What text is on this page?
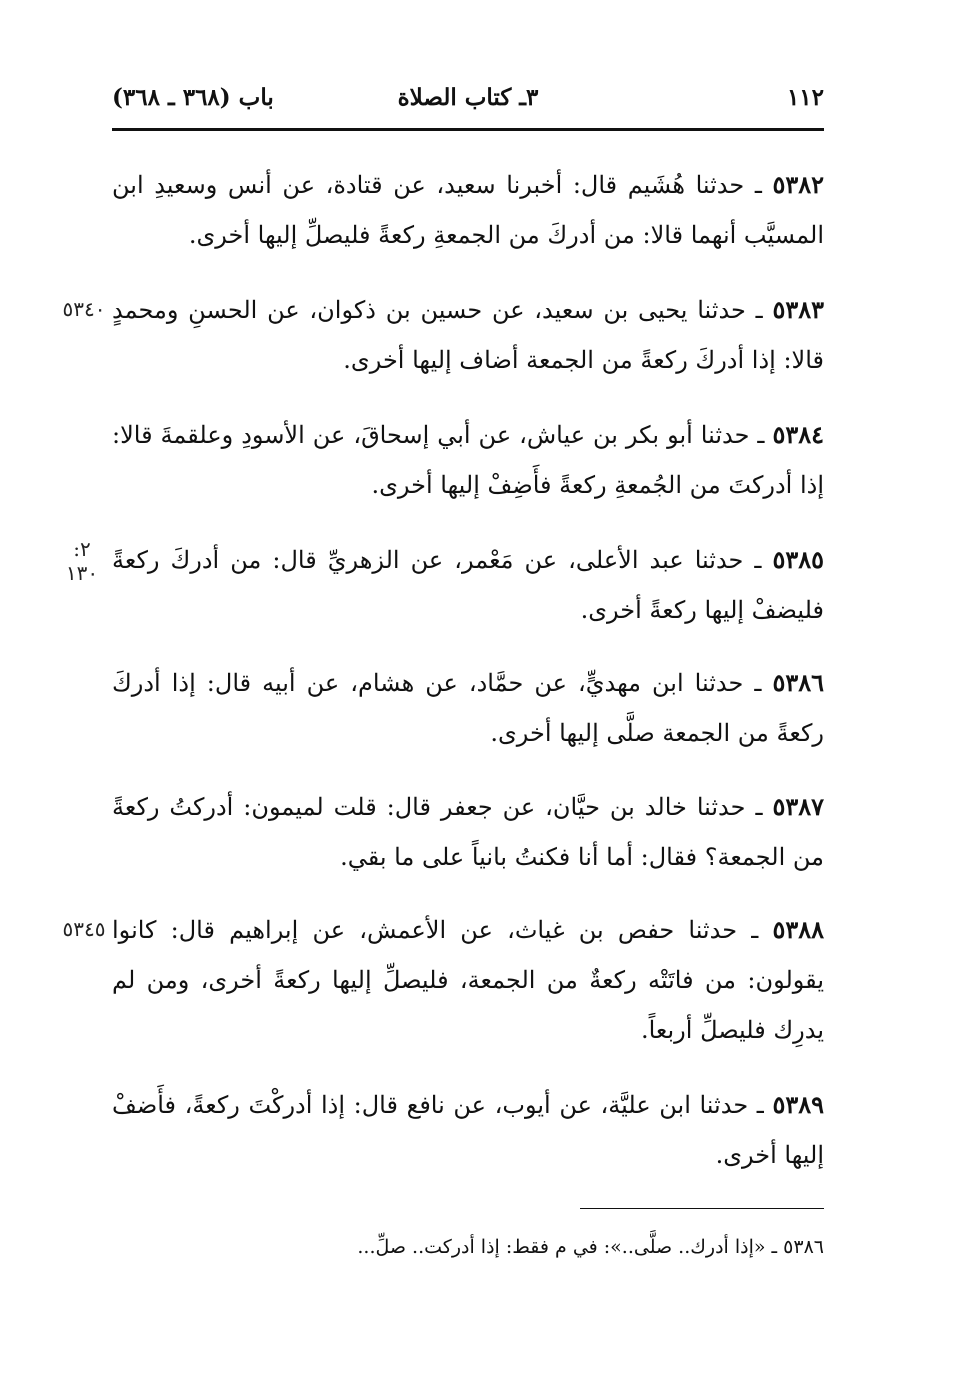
١١٢
٣ـ كتاب الصلاة
باب (٣٦٨ ـ ٣٦٨)
٥٣٨٢ ـ حدثنا هُشَيم قال: أخبرنا سعيد، عن قتادة، عن أنس وسعيدِ ابن المسيَّب أنهما قالا: من أدركَ من الجمعةِ ركعةً فليصلِّ إليها أخرى.
٥٣٨٣ ـ حدثنا يحيى بن سعيد، عن حسين بن ذكوان، عن الحسنِ ومحمدٍ قالا: إذا أدركَ ركعةً من الجمعة أضاف إليها أخرى.
٥٣٨٤ ـ حدثنا أبو بكر بن عياش، عن أبي إسحاقَ، عن الأسودِ وعلقمةَ قالا: إذا أدركتَ من الجُمعةِ ركعةً فأَضِفْ إليها أخرى.
٥٣٨٥ ـ حدثنا عبد الأعلى، عن مَعْمر، عن الزهريِّ قال: من أدركَ ركعةً فليضفْ إليها ركعةً أخرى.
٥٣٨٦ ـ حدثنا ابن مهديٍّ، عن حمَّاد، عن هشام، عن أبيه قال: إذا أدركَ ركعةً من الجمعة صلَّى إليها أخرى.
٥٣٨٧ ـ حدثنا خالد بن حيَّان، عن جعفر قال: قلت لميمون: أدركتُ ركعةً من الجمعة؟ فقال: أما أنا فكنتُ بانياً على ما بقي.
٥٣٨٨ ـ حدثنا حفص بن غياث، عن الأعمش، عن إبراهيم قال: كانوا يقولون: من فاتَتْه ركعةٌ من الجمعة، فليصلِّ إليها ركعةً أخرى، ومن لم يدرِك فليصلِّ أربعاً.
٥٣٨٩ ـ حدثنا ابن عليَّة، عن أيوب، عن نافع قال: إذا أدركْتَ ركعةً، فأَضفْ إليها أخرى.
٥٣٤٠
٢: ١٣٠
٥٣٤٥
٥٣٨٦ ـ «إذا أدرك.. صلَّى..»: في م فقط: إذا أدركت.. صلِّ...
